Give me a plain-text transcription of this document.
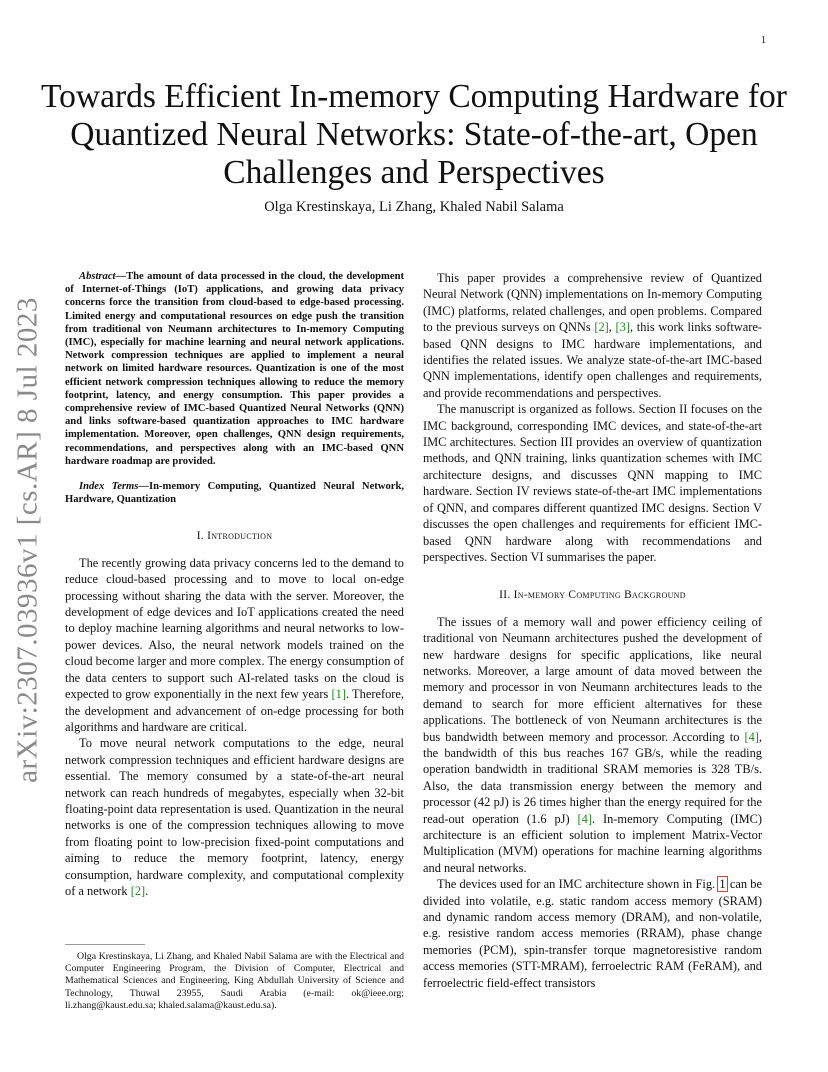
1
arXiv:2307.03936v1 [cs.AR] 8 Jul 2023
Towards Efficient In-memory Computing Hardware for Quantized Neural Networks: State-of-the-art, Open Challenges and Perspectives
Olga Krestinskaya, Li Zhang, Khaled Nabil Salama

Abstract—The amount of data processed in the cloud, the development of Internet-of-Things (IoT) applications, and growing data privacy concerns force the transition from cloud-based to edge-based processing. Limited energy and computational resources on edge push the transition from traditional von Neumann architectures to In-memory Computing (IMC), especially for machine learning and neural network applications. Network compression techniques are applied to implement a neural network on limited hardware resources. Quantization is one of the most efficient network compression techniques allowing to reduce the memory footprint, latency, and energy consumption. This paper provides a comprehensive review of IMC-based Quantized Neural Networks (QNN) and links software-based quantization approaches to IMC hardware implementation. Moreover, open challenges, QNN design requirements, recommendations, and perspectives along with an IMC-based QNN hardware roadmap are provided.

Index Terms—In-memory Computing, Quantized Neural Network, Hardware, Quantization

I. Introduction

The recently growing data privacy concerns led to the demand to reduce cloud-based processing and to move to local on-edge processing without sharing the data with the server. Moreover, the development of edge devices and IoT applications created the need to deploy machine learning algorithms and neural networks to low-power devices. Also, the neural network models trained on the cloud become larger and more complex. The energy consumption of the data centers to support such AI-related tasks on the cloud is expected to grow exponentially in the next few years [1]. Therefore, the development and advancement of on-edge processing for both algorithms and hardware are critical.

To move neural network computations to the edge, neural network compression techniques and efficient hardware designs are essential. The memory consumed by a state-of-the-art neural network can reach hundreds of megabytes, especially when 32-bit floating-point data representation is used. Quantization in the neural networks is one of the compression techniques allowing to move from floating point to low-precision fixed-point computations and aiming to reduce the memory footprint, latency, energy consumption, hardware complexity, and computational complexity of a network [2].

Olga Krestinskaya, Li Zhang, and Khaled Nabil Salama are with the Electrical and Computer Engineering Program, the Division of Computer, Electrical and Mathematical Sciences and Engineering, King Abdullah University of Science and Technology, Thuwal 23955, Saudi Arabia (e-mail: ok@ieee.org; li.zhang@kaust.edu.sa; khaled.salama@kaust.edu.sa).

This paper provides a comprehensive review of Quantized Neural Network (QNN) implementations on In-memory Computing (IMC) platforms, related challenges, and open problems. Compared to the previous surveys on QNNs [2], [3], this work links software-based QNN designs to IMC hardware implementations, and identifies the related issues. We analyze state-of-the-art IMC-based QNN implementations, identify open challenges and requirements, and provide recommendations and perspectives.

The manuscript is organized as follows. Section II focuses on the IMC background, corresponding IMC devices, and state-of-the-art IMC architectures. Section III provides an overview of quantization methods, and QNN training, links quantization schemes with IMC architecture designs, and discusses QNN mapping to IMC hardware. Section IV reviews state-of-the-art IMC implementations of QNN, and compares different quantized IMC designs. Section V discusses the open challenges and requirements for efficient IMC-based QNN hardware along with recommendations and perspectives. Section VI summarises the paper.

II. In-memory Computing Background

The issues of a memory wall and power efficiency ceiling of traditional von Neumann architectures pushed the development of new hardware designs for specific applications, like neural networks. Moreover, a large amount of data moved between the memory and processor in von Neumann architectures leads to the demand to search for more efficient alternatives for these applications. The bottleneck of von Neumann architectures is the bus bandwidth between memory and processor. According to [4], the bandwidth of this bus reaches 167 GB/s, while the reading operation bandwidth in traditional SRAM memories is 328 TB/s. Also, the data transmission energy between the memory and processor (42 pJ) is 26 times higher than the energy required for the read-out operation (1.6 pJ) [4]. In-memory Computing (IMC) architecture is an efficient solution to implement Matrix-Vector Multiplication (MVM) operations for machine learning algorithms and neural networks.

The devices used for an IMC architecture shown in Fig. 1 can be divided into volatile, e.g. static random access memory (SRAM) and dynamic random access memory (DRAM), and non-volatile, e.g. resistive random access memories (RRAM), phase change memories (PCM), spin-transfer torque magnetoresistive random access memories (STT-MRAM), ferroelectric RAM (FeRAM), and ferroelectric field-effect transistors
